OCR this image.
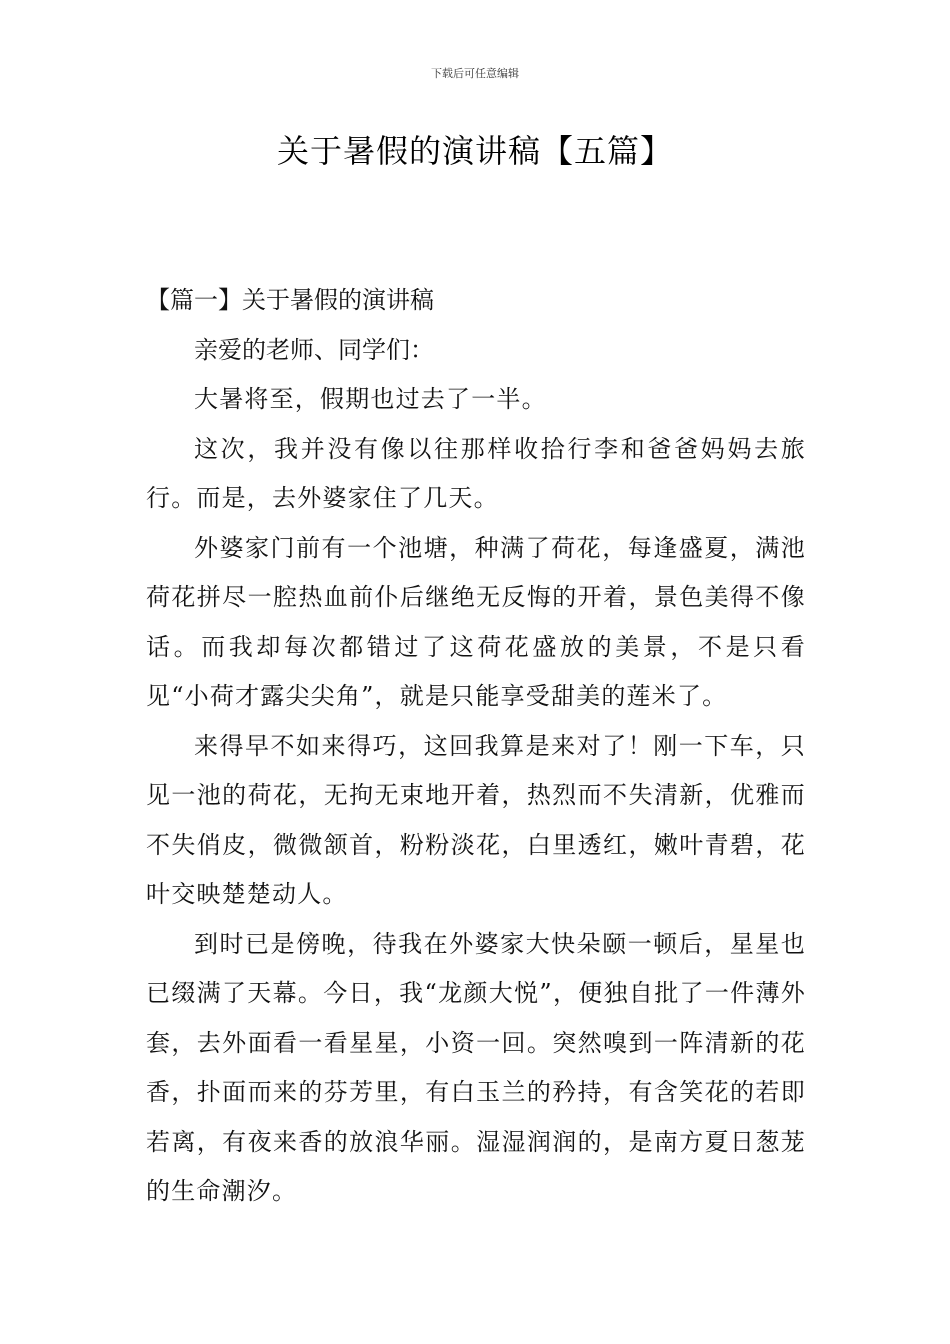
下载后可任意编辑
关于暑假的演讲稿【五篇】

【篇一】关于暑假的演讲稿

亲爱的老师、同学们：

大暑将至，假期也过去了一半。

这次，我并没有像以往那样收拾行李和爸爸妈妈去旅行。而是，去外婆家住了几天。

外婆家门前有一个池塘，种满了荷花，每逢盛夏，满池荷花拼尽一腔热血前仆后继绝无反悔的开着，景色美得不像话。而我却每次都错过了这荷花盛放的美景，不是只看见“小荷才露尖尖角”，就是只能享受甜美的莲米了。

来得早不如来得巧，这回我算是来对了！刚一下车，只见一池的荷花，无拘无束地开着，热烈而不失清新，优雅而不失俏皮，微微颔首，粉粉淡花，白里透红，嫩叶青碧，花叶交映楚楚动人。

到时已是傍晚，待我在外婆家大快朵颐一顿后，星星也已缀满了天幕。今日，我“龙颜大悦”，便独自批了一件薄外套，去外面看一看星星，小资一回。突然嗅到一阵清新的花香，扑面而来的芬芳里，有白玉兰的矜持，有含笑花的若即若离，有夜来香的放浪华丽。湿湿润润的，是南方夏日葱茏的生命潮汐。
